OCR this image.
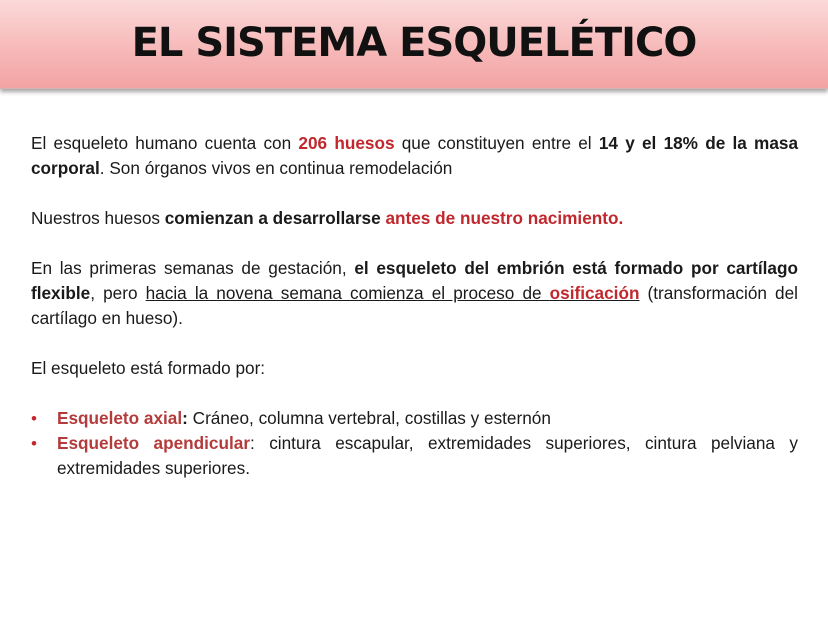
EL SISTEMA ESQUELÉTICO

El esqueleto humano cuenta con 206 huesos que constituyen entre el 14 y el 18% de la masa corporal. Son órganos vivos en continua remodelación

Nuestros huesos comienzan a desarrollarse antes de nuestro nacimiento.

En las primeras semanas de gestación, el esqueleto del embrión está formado por cartílago flexible, pero hacia la novena semana comienza el proceso de osificación (transformación del cartílago en hueso).

El esqueleto está formado por:

• Esqueleto axial: Cráneo, columna vertebral, costillas y esternón
• Esqueleto apendicular: cintura escapular, extremidades superiores, cintura pelviana y extremidades superiores.
